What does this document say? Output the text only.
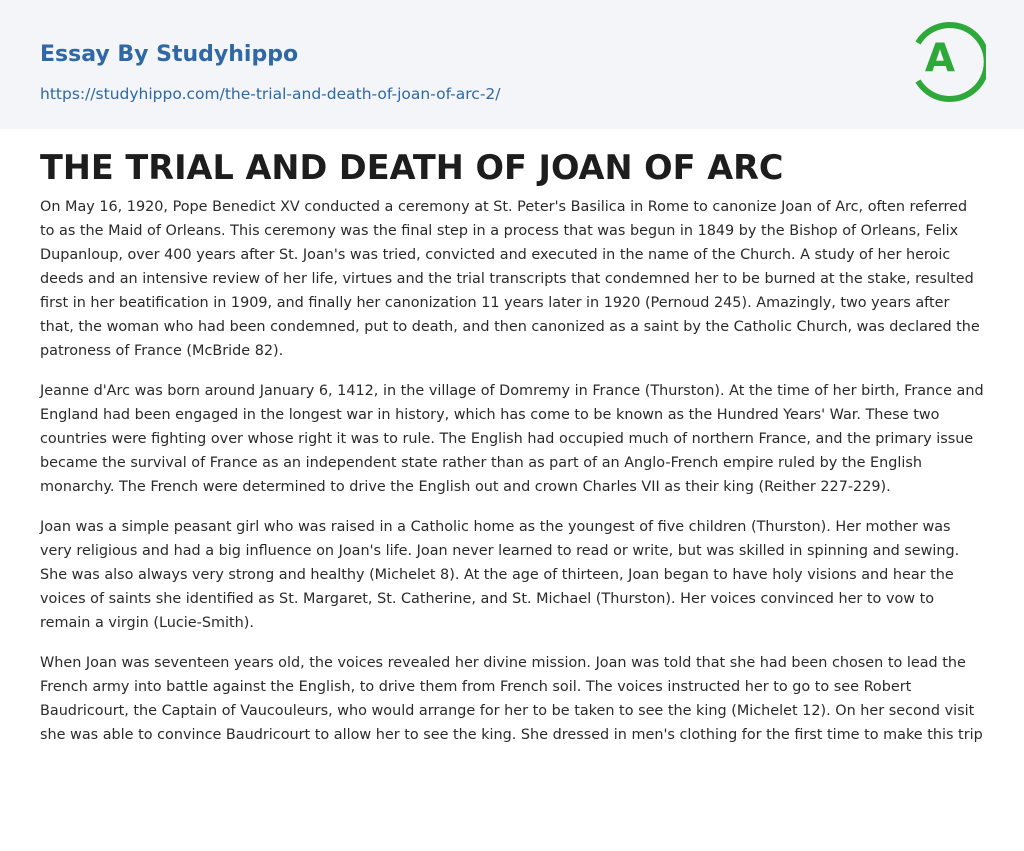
Essay By Studyhippo
https://studyhippo.com/the-trial-and-death-of-joan-of-arc-2/
A
THE TRIAL AND DEATH OF JOAN OF ARC

On May 16, 1920, Pope Benedict XV conducted a ceremony at St. Peter's Basilica in Rome to canonize Joan of Arc, often referred to as the Maid of Orleans. This ceremony was the final step in a process that was begun in 1849 by the Bishop of Orleans, Felix Dupanloup, over 400 years after St. Joan's was tried, convicted and executed in the name of the Church. A study of her heroic deeds and an intensive review of her life, virtues and the trial transcripts that condemned her to be burned at the stake, resulted first in her beatification in 1909, and finally her canonization 11 years later in 1920 (Pernoud 245). Amazingly, two years after that, the woman who had been condemned, put to death, and then canonized as a saint by the Catholic Church, was declared the patroness of France (McBride 82).

Jeanne d'Arc was born around January 6, 1412, in the village of Domremy in France (Thurston). At the time of her birth, France and England had been engaged in the longest war in history, which has come to be known as the Hundred Years' War. These two countries were fighting over whose right it was to rule. The English had occupied much of northern France, and the primary issue became the survival of France as an independent state rather than as part of an Anglo-French empire ruled by the English monarchy. The French were determined to drive the English out and crown Charles VII as their king (Reither 227-229).

Joan was a simple peasant girl who was raised in a Catholic home as the youngest of five children (Thurston). Her mother was very religious and had a big influence on Joan's life. Joan never learned to read or write, but was skilled in spinning and sewing. She was also always very strong and healthy (Michelet 8). At the age of thirteen, Joan began to have holy visions and hear the voices of saints she identified as St. Margaret, St. Catherine, and St. Michael (Thurston). Her voices convinced her to vow to remain a virgin (Lucie-Smith).

When Joan was seventeen years old, the voices revealed her divine mission. Joan was told that she had been chosen to lead the French army into battle against the English, to drive them from French soil. The voices instructed her to go to see Robert Baudricourt, the Captain of Vaucouleurs, who would arrange for her to be taken to see the king (Michelet 12). On her second visit she was able to convince Baudricourt to allow her to see the king. She dressed in men's clothing for the first time to make this trip
